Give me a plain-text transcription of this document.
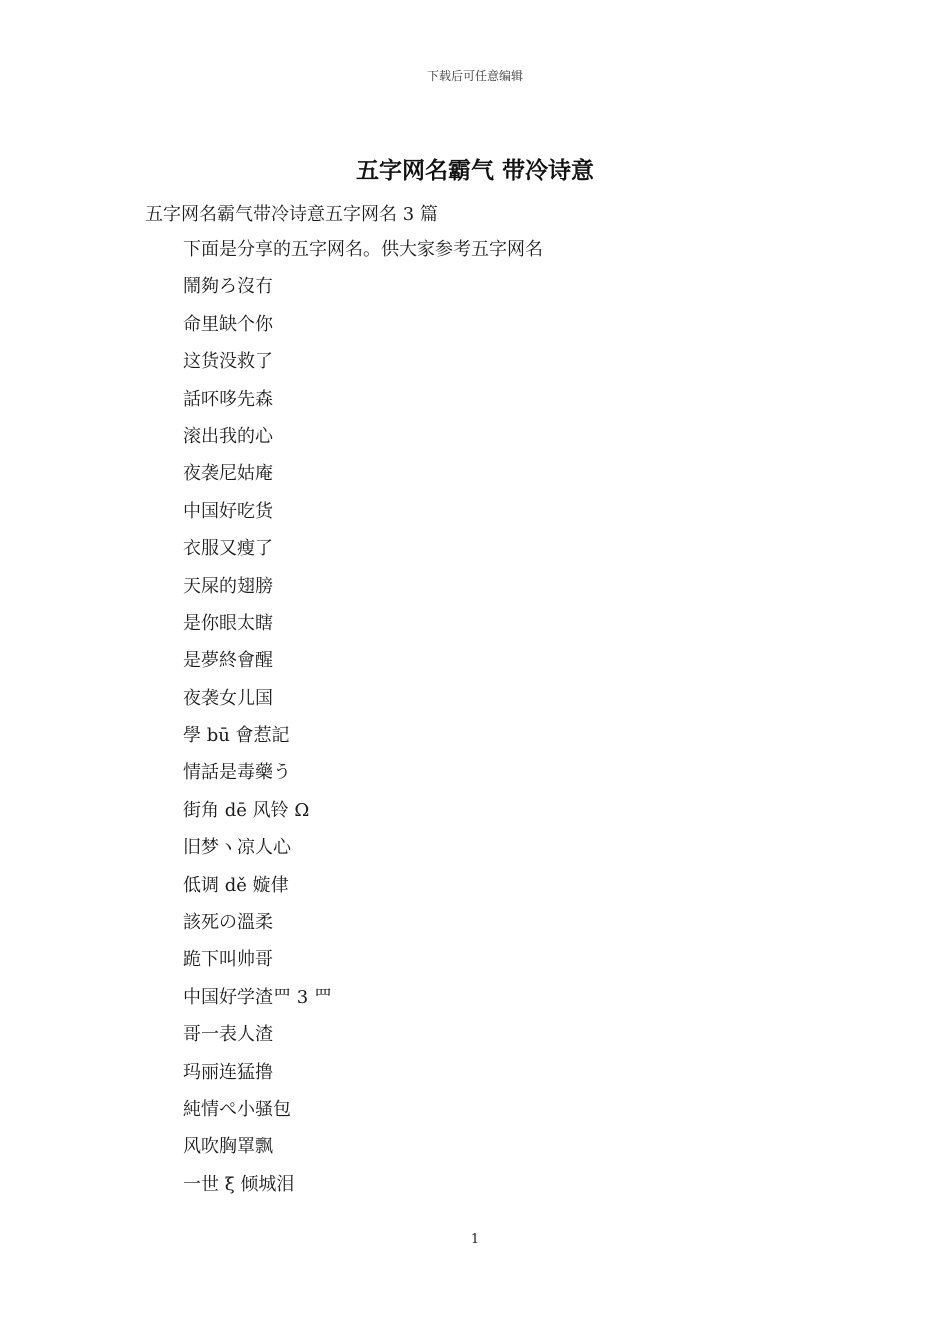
下载后可任意编辑
五字网名霸气 带冷诗意
五字网名霸气带冷诗意五字网名 3 篇
下面是分享的五字网名。供大家参考五字网名
鬧夠ろ沒冇
命里缺个你
这货没救了
話吥哆先森
滚出我的心
夜袭尼姑庵
中国好吃货
衣服又瘦了
天屎的翅膀
是你眼太瞎
是夢終會醒
夜袭女儿国
學 bū 會惹記
情話是毒藥う
街角 dē 风铃 Ω
旧梦ヽ凉人心
低调 dě 嫙侓
該死の溫柔
跪下叫帅哥
中国好学渣罒 3 罒
哥一表人渣
玛丽连猛撸
純情ぺ小骚包
风吹胸罩飘
一世 ξ 倾城泪
1
